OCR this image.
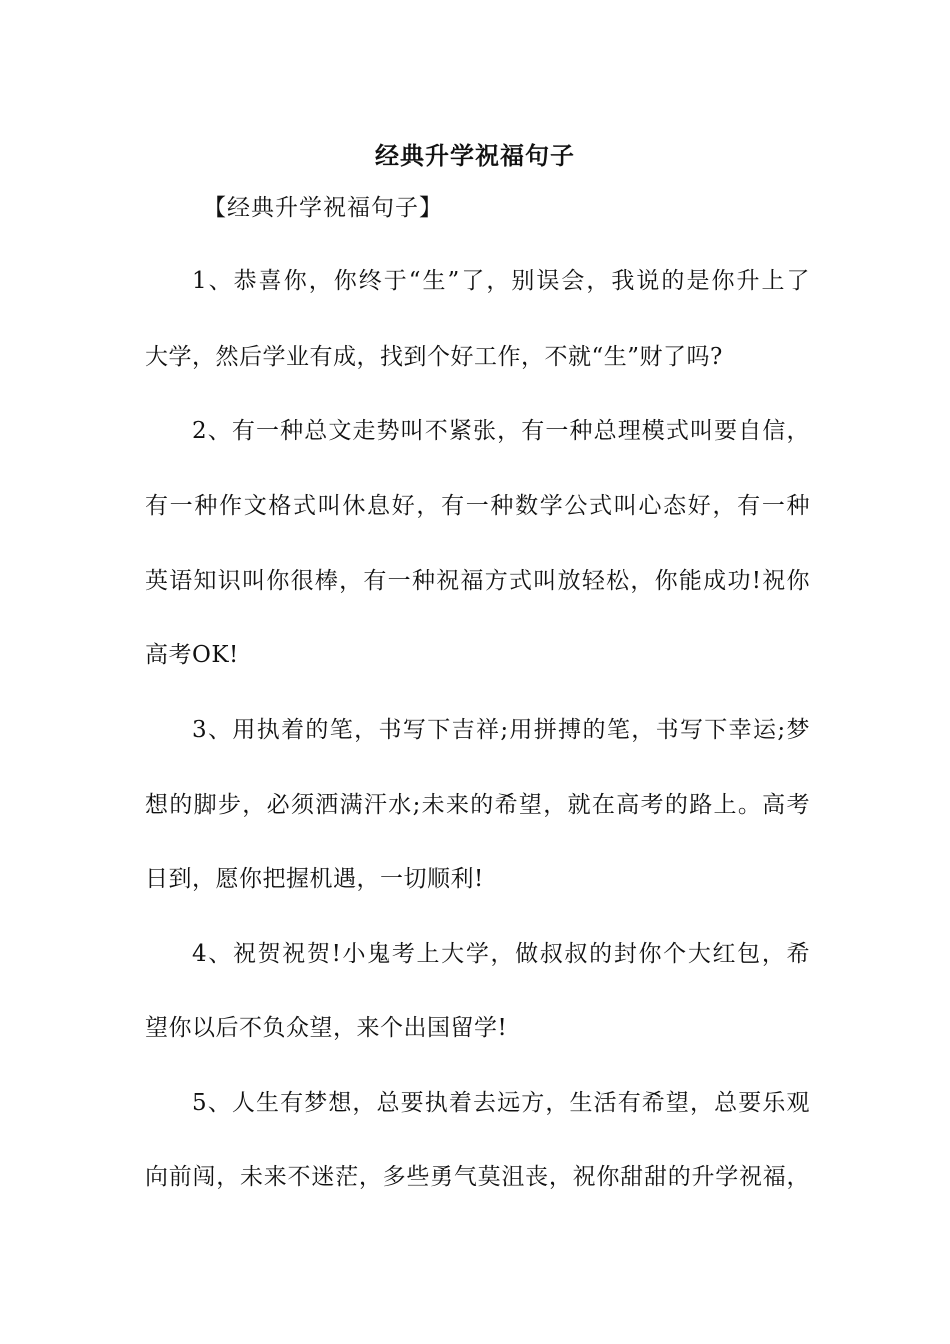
经典升学祝福句子
【经典升学祝福句子】
1、恭喜你，你终于“生”了，别误会，我说的是你升上了
大学，然后学业有成，找到个好工作，不就“生”财了吗?
2、有一种总文走势叫不紧张，有一种总理模式叫要自信，
有一种作文格式叫休息好，有一种数学公式叫心态好，有一种
英语知识叫你很棒，有一种祝福方式叫放轻松，你能成功!祝你
高考OK!
3、用执着的笔，书写下吉祥;用拼搏的笔，书写下幸运;梦
想的脚步，必须洒满汗水;未来的希望，就在高考的路上。高考
日到，愿你把握机遇，一切顺利!
4、祝贺祝贺!小鬼考上大学，做叔叔的封你个大红包，希
望你以后不负众望，来个出国留学!
5、人生有梦想，总要执着去远方，生活有希望，总要乐观
向前闯，未来不迷茫，多些勇气莫沮丧，祝你甜甜的升学祝福，
